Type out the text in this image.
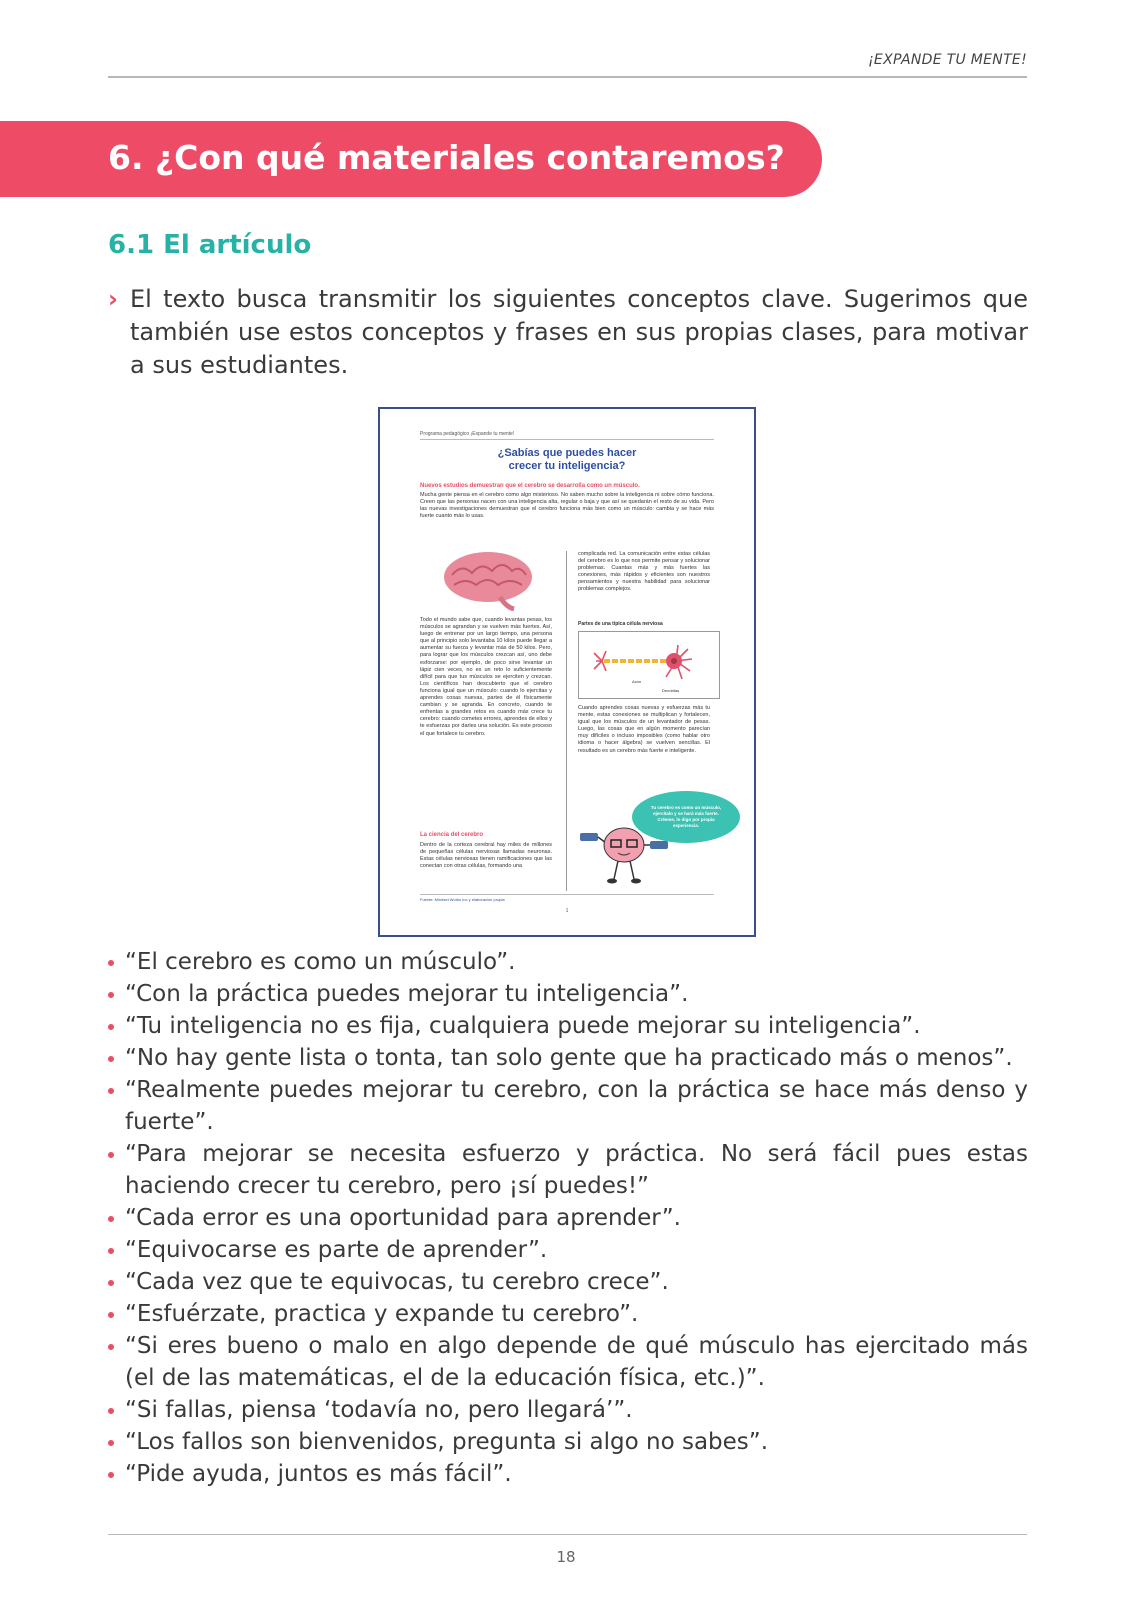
¡EXPANDE TU MENTE!
6. ¿Con qué materiales contaremos?
6.1 El artículo
› El texto busca transmitir los siguientes conceptos clave. Sugerimos que también use estos conceptos y frases en sus propias clases, para motivar a sus estudiantes.
Programa pedagógico ¡Expande tu mente!
¿Sabías que puedes hacer crecer tu inteligencia?
Nuevos estudios demuestran que el cerebro se desarrolla como un músculo.
Mucha gente piensa en el cerebro como algo misterioso. No saben mucho sobre la inteligencia ni sobre cómo funciona. Creen que las personas nacen con una inteligencia alta, regular o baja y que así se quedarán el resto de su vida. Pero las nuevas investigaciones demuestran que el cerebro funciona más bien como un músculo: cambia y se hace más fuerte cuanto más lo usas.
Todo el mundo sabe que, cuando levantas pesas, los músculos se agrandan y se vuelven más fuertes. Así, luego de entrenar por un largo tiempo, una persona que al principio solo levantaba 10 kilos puede llegar a aumentar su fuerza y levantar más de 50 kilos. Pero, para lograr que los músculos crezcan así, uno debe esforzarse: por ejemplo, de poco sirve levantar un lápiz cien veces, no es un reto lo suficientemente difícil para que tus músculos se ejerciten y crezcan. Los científicos han descubierto que el cerebro funciona igual que un músculo: cuando lo ejercitas y aprendes cosas nuevas, partes de él físicamente cambian y se agranda. En concreto, cuando te enfrentas a grandes retos es cuando más crece tu cerebro: cuando cometes errores, aprendes de ellos y te esfuerzas por darles una solución. Es este proceso el que fortalece tu cerebro.
La ciencia del cerebro
Dentro de la corteza cerebral hay miles de millones de pequeñas células nerviosas llamadas neuronas. Estas células nerviosas tienen ramificaciones que las conectan con otras células, formando una
complicada red. La comunicación entre estas células del cerebro es lo que nos permite pensar y solucionar problemas. Cuantas más y más fuertes las conexiones, más rápidos y eficientes son nuestros pensamientos y nuestra habilidad para solucionar problemas complejos.
Partes de una típica célula nerviosa
Axón
Dendritas
Cuando aprendes cosas nuevas y esfuerzas más tu mente, estas conexiones se multiplican y fortalecen, igual que los músculos de un levantador de pesas. Luego, las cosas que en algún momento parecían muy difíciles o incluso imposibles (como hablar otro idioma o hacer álgebra) se vuelven sencillas. El resultado es un cerebro más fuerte e inteligente.
Tu cerebro es como un músculo, ejercítalo y se hará más fuerte. Créeme, lo digo por propia experiencia.
Fuente: Mindset Works Inc y elaboración propia
1
“El cerebro es como un músculo”.
“Con la práctica puedes mejorar tu inteligencia”.
“Tu inteligencia no es fija, cualquiera puede mejorar su inteligencia”.
“No hay gente lista o tonta, tan solo gente que ha practicado más o menos”.
“Realmente puedes mejorar tu cerebro, con la práctica se hace más denso y fuerte”.
“Para mejorar se necesita esfuerzo y práctica. No será fácil pues estas haciendo crecer tu cerebro, pero ¡sí puedes!”
“Cada error es una oportunidad para aprender”.
“Equivocarse es parte de aprender”.
“Cada vez que te equivocas, tu cerebro crece”.
“Esfuérzate, practica y expande tu cerebro”.
“Si eres bueno o malo en algo depende de qué músculo has ejercitado más (el de las matemáticas, el de la educación física, etc.)”.
“Si fallas, piensa ‘todavía no, pero llegará’”.
“Los fallos son bienvenidos, pregunta si algo no sabes”.
“Pide ayuda, juntos es más fácil”.
18
